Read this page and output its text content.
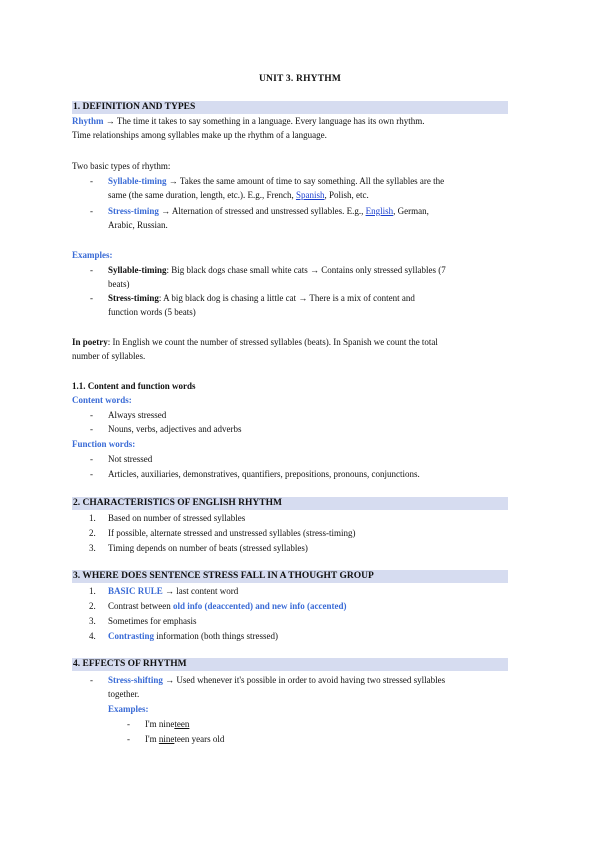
UNIT 3. RHYTHM
1. DEFINITION AND TYPES
Rhythm → The time it takes to say something in a language. Every language has its own rhythm.
Time relationships among syllables make up the rhythm of a language.
Two basic types of rhythm:
- Syllable-timing → Takes the same amount of time to say something. All the syllables are the
same (the same duration, length, etc.). E.g., French, Spanish, Polish, etc.
- Stress-timing → Alternation of stressed and unstressed syllables. E.g., English, German,
Arabic, Russian.
Examples:
- Syllable-timing: Big black dogs chase small white cats → Contains only stressed syllables (7
beats)
- Stress-timing: A big black dog is chasing a little cat → There is a mix of content and
function words (5 beats)
In poetry: In English we count the number of stressed syllables (beats). In Spanish we count the total
number of syllables.
1.1. Content and function words
Content words:
- Always stressed
- Nouns, verbs, adjectives and adverbs
Function words:
- Not stressed
- Articles, auxiliaries, demonstratives, quantifiers, prepositions, pronouns, conjunctions.
2. CHARACTERISTICS OF ENGLISH RHYTHM
1. Based on number of stressed syllables
2. If possible, alternate stressed and unstressed syllables (stress-timing)
3. Timing depends on number of beats (stressed syllables)
3. WHERE DOES SENTENCE STRESS FALL IN A THOUGHT GROUP
1. BASIC RULE → last content word
2. Contrast between old info (deaccented) and new info (accented)
3. Sometimes for emphasis
4. Contrasting information (both things stressed)
4. EFFECTS OF RHYTHM
- Stress-shifting → Used whenever it's possible in order to avoid having two stressed syllables
together.
Examples:
- I'm nineteen
- I'm nineteen years old
